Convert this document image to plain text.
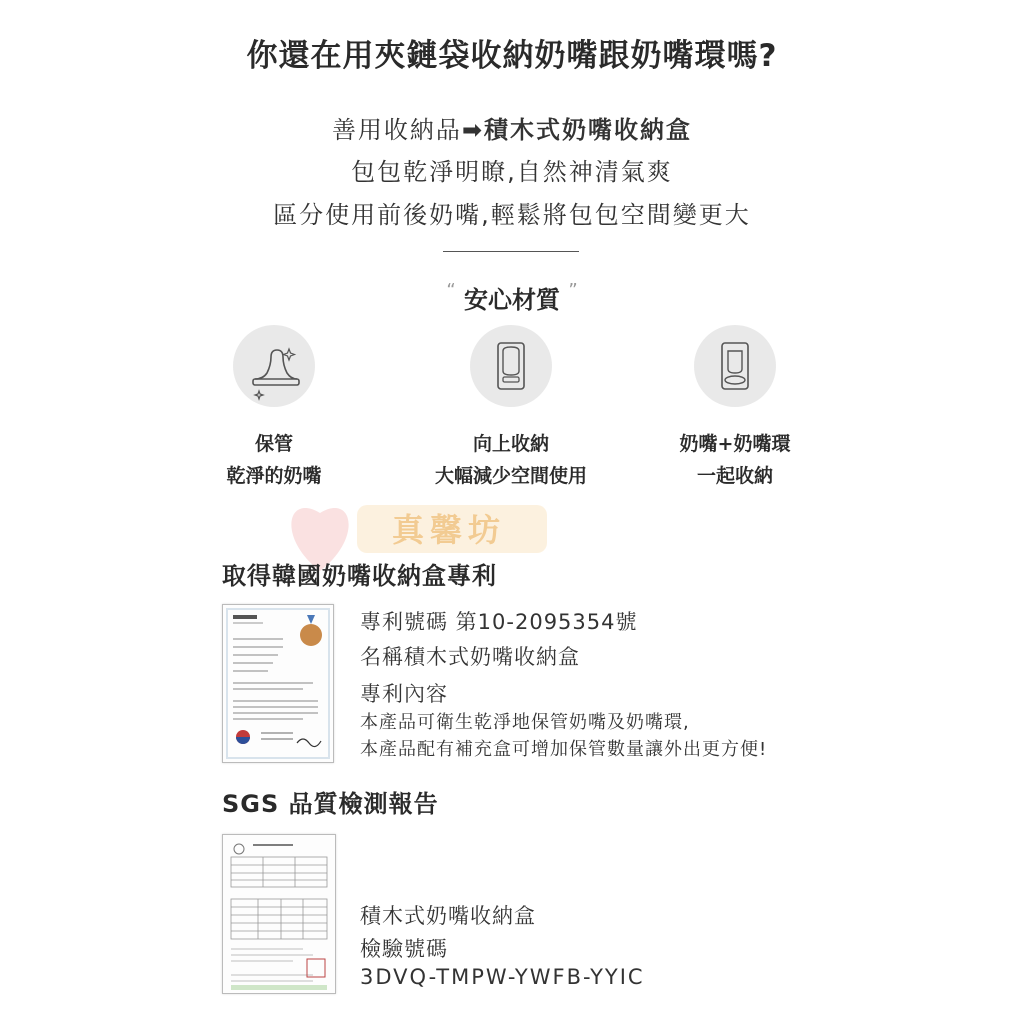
你還在用夾鏈袋收納奶嘴跟奶嘴環嗎?
善用收納品➡積木式奶嘴收納盒
包包乾淨明瞭,自然神清氣爽
區分使用前後奶嘴,輕鬆將包包空間變更大
“ 安心材質 ”
保管
乾淨的奶嘴
向上收納
大幅減少空間使用
奶嘴+奶嘴環
一起收納
真馨坊
取得韓國奶嘴收納盒專利
專利號碼 第10-2095354號
名稱積木式奶嘴收納盒
專利內容
本產品可衛生乾淨地保管奶嘴及奶嘴環,
本產品配有補充盒可增加保管數量讓外出更方便!
SGS 品質檢測報告
積木式奶嘴收納盒
檢驗號碼
3DVQ-TMPW-YWFB-YYIC
